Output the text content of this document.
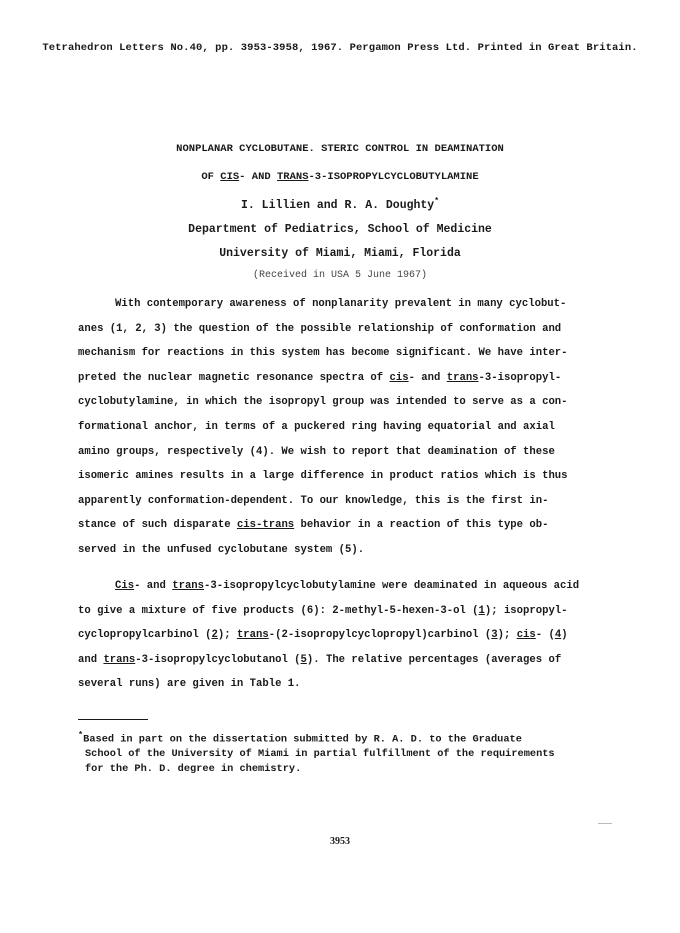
Tetrahedron Letters No.40, pp. 3953-3958, 1967. Pergamon Press Ltd. Printed in Great Britain.
NONPLANAR CYCLOBUTANE. STERIC CONTROL IN DEAMINATION
OF CIS- AND TRANS-3-ISOPROPYLCYCLOBUTYLAMINE
I. Lillien and R. A. Doughty*
Department of Pediatrics, School of Medicine
University of Miami, Miami, Florida
(Received in USA 5 June 1967)
With contemporary awareness of nonplanarity prevalent in many cyclobut-
anes (1, 2, 3) the question of the possible relationship of conformation and
mechanism for reactions in this system has become significant. We have inter-
preted the nuclear magnetic resonance spectra of cis- and trans-3-isopropyl-
cyclobutylamine, in which the isopropyl group was intended to serve as a con-
formational anchor, in terms of a puckered ring having equatorial and axial
amino groups, respectively (4). We wish to report that deamination of these
isomeric amines results in a large difference in product ratios which is thus
apparently conformation-dependent. To our knowledge, this is the first in-
stance of such disparate cis-trans behavior in a reaction of this type ob-
served in the unfused cyclobutane system (5).
Cis- and trans-3-isopropylcyclobutylamine were deaminated in aqueous acid
to give a mixture of five products (6): 2-methyl-5-hexen-3-ol (1); isopropyl-
cyclopropylcarbinol (2); trans-(2-isopropylcyclopropyl)carbinol (3); cis- (4)
and trans-3-isopropylcyclobutanol (5). The relative percentages (averages of
several runs) are given in Table 1.
*Based in part on the dissertation submitted by R. A. D. to the Graduate
School of the University of Miami in partial fulfillment of the requirements
for the Ph. D. degree in chemistry.
3953
